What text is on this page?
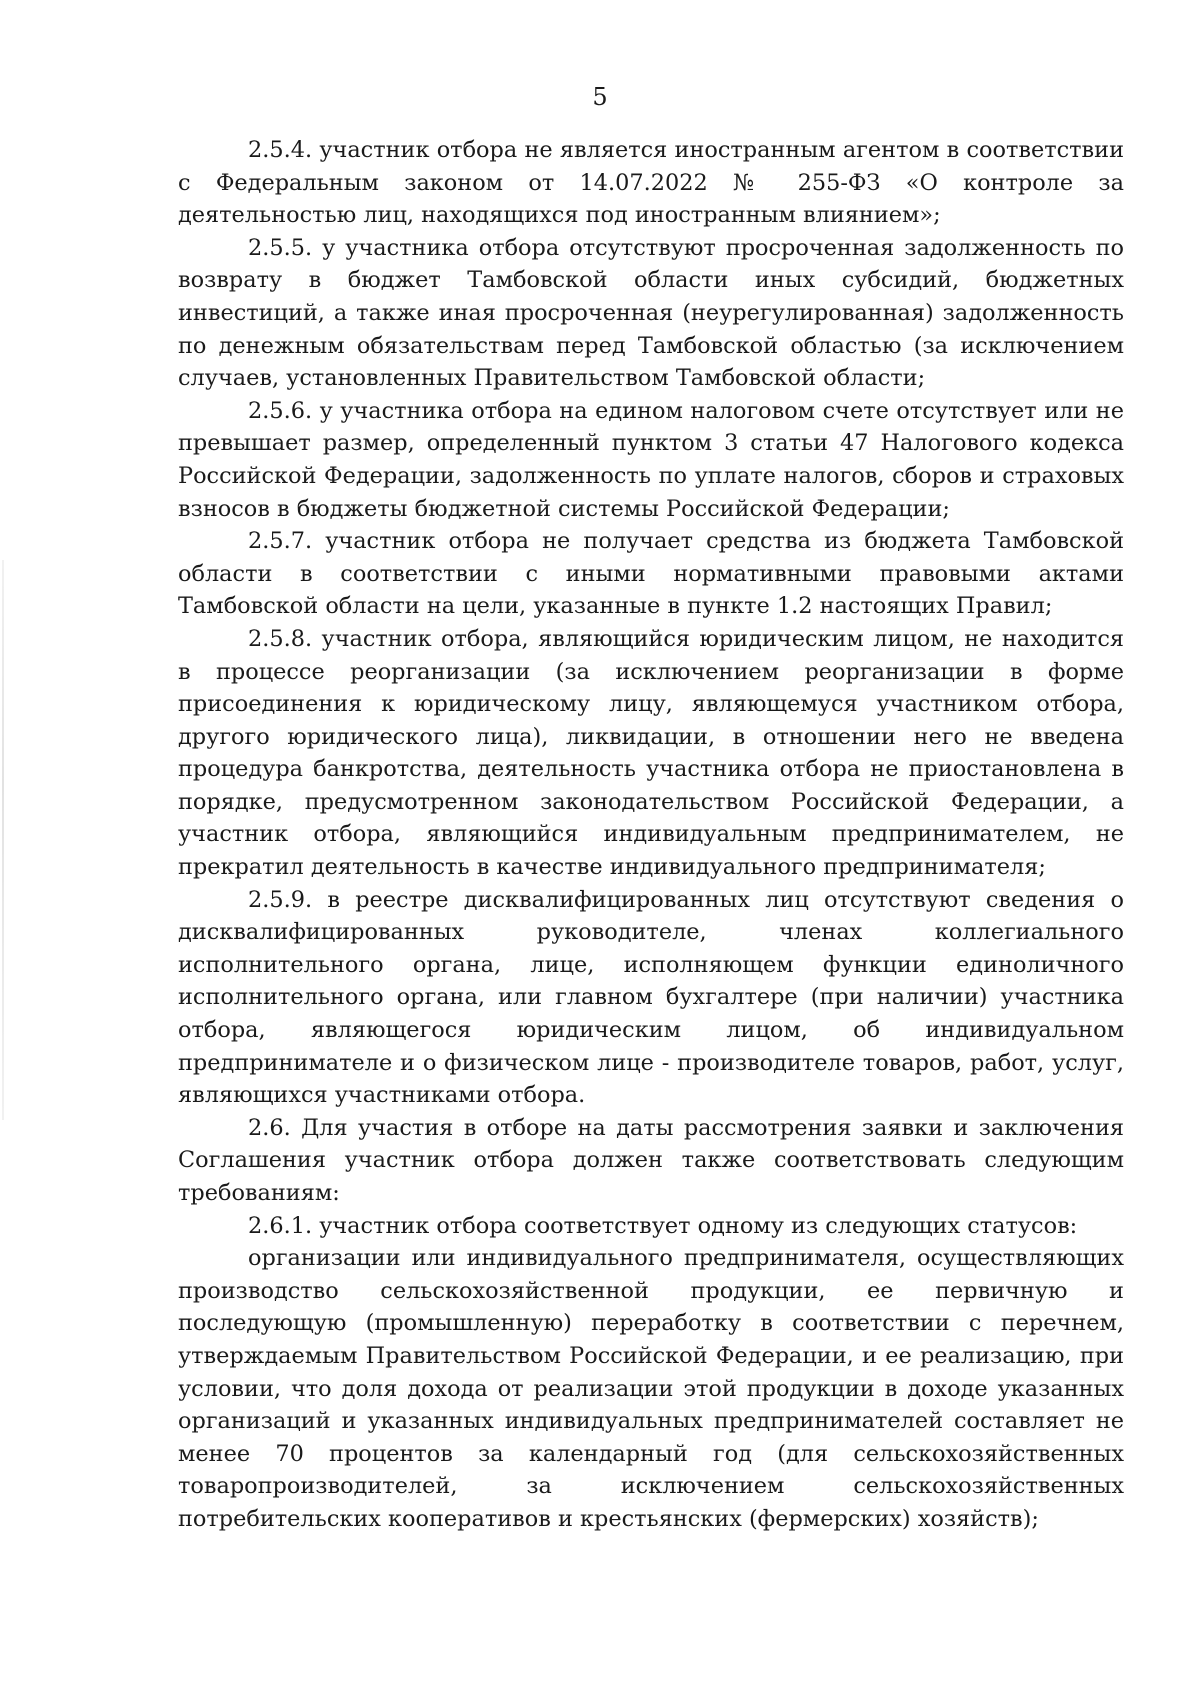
5

2.5.4. участник отбора не является иностранным агентом в соответствии с Федеральным законом от 14.07.2022 № 255-ФЗ «О контроле за деятельностью лиц, находящихся под иностранным влиянием»;

2.5.5. у участника отбора отсутствуют просроченная задолженность по возврату в бюджет Тамбовской области иных субсидий, бюджетных инвестиций, а также иная просроченная (неурегулированная) задолженность по денежным обязательствам перед Тамбовской областью (за исключением случаев, установленных Правительством Тамбовской области;

2.5.6. у участника отбора на едином налоговом счете отсутствует или не превышает размер, определенный пунктом 3 статьи 47 Налогового кодекса Российской Федерации, задолженность по уплате налогов, сборов и страховых взносов в бюджеты бюджетной системы Российской Федерации;

2.5.7. участник отбора не получает средства из бюджета Тамбовской области в соответствии с иными нормативными правовыми актами Тамбовской области на цели, указанные в пункте 1.2 настоящих Правил;

2.5.8. участник отбора, являющийся юридическим лицом, не находится в процессе реорганизации (за исключением реорганизации в форме присоединения к юридическому лицу, являющемуся участником отбора, другого юридического лица), ликвидации, в отношении него не введена процедура банкротства, деятельность участника отбора не приостановлена в порядке, предусмотренном законодательством Российской Федерации, а участник отбора, являющийся индивидуальным предпринимателем, не прекратил деятельность в качестве индивидуального предпринимателя;

2.5.9. в реестре дисквалифицированных лиц отсутствуют сведения о дисквалифицированных руководителе, членах коллегиального исполнительного органа, лице, исполняющем функции единоличного исполнительного органа, или главном бухгалтере (при наличии) участника отбора, являющегося юридическим лицом, об индивидуальном предпринимателе и о физическом лице - производителе товаров, работ, услуг, являющихся участниками отбора.

2.6. Для участия в отборе на даты рассмотрения заявки и заключения Соглашения участник отбора должен также соответствовать следующим требованиям:

2.6.1. участник отбора соответствует одному из следующих статусов:

организации или индивидуального предпринимателя, осуществляющих производство сельскохозяйственной продукции, ее первичную и последующую (промышленную) переработку в соответствии с перечнем, утверждаемым Правительством Российской Федерации, и ее реализацию, при условии, что доля дохода от реализации этой продукции в доходе указанных организаций и указанных индивидуальных предпринимателей составляет не менее 70 процентов за календарный год (для сельскохозяйственных товаропроизводителей, за исключением сельскохозяйственных потребительских кооперативов и крестьянских (фермерских) хозяйств);
